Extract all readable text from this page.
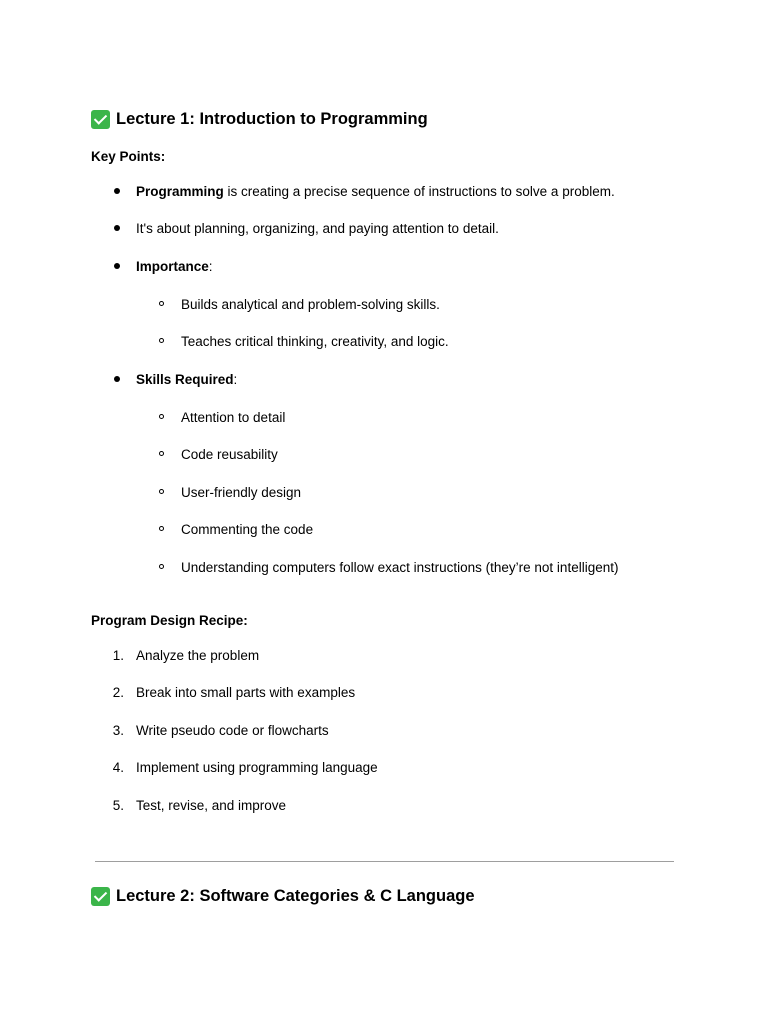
Lecture 1: Introduction to Programming
Key Points:
Programming is creating a precise sequence of instructions to solve a problem.
It's about planning, organizing, and paying attention to detail.
Importance:
Builds analytical and problem-solving skills.
Teaches critical thinking, creativity, and logic.
Skills Required:
Attention to detail
Code reusability
User-friendly design
Commenting the code
Understanding computers follow exact instructions (they’re not intelligent)
Program Design Recipe:
1. Analyze the problem
2. Break into small parts with examples
3. Write pseudo code or flowcharts
4. Implement using programming language
5. Test, revise, and improve
Lecture 2: Software Categories & C Language
